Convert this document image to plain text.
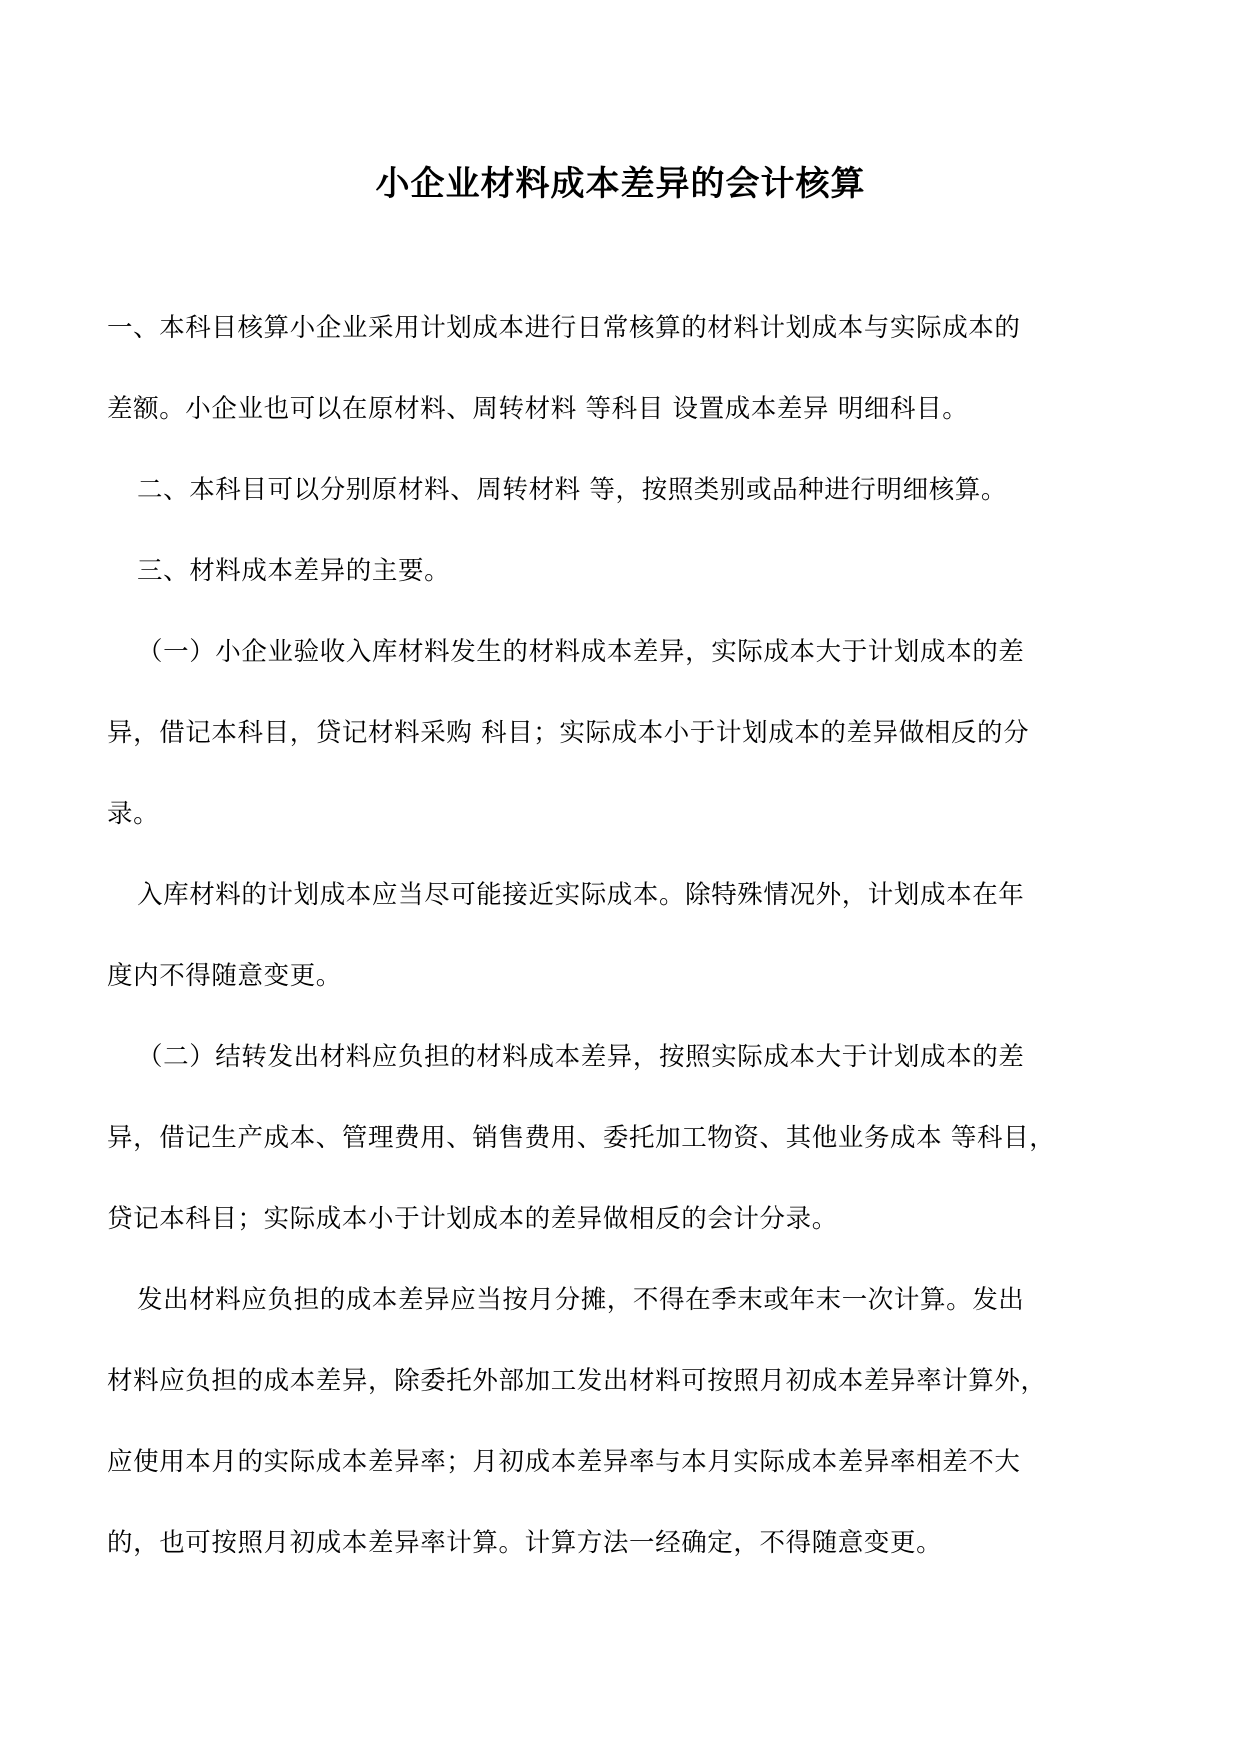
小企业材料成本差异的会计核算
一、本科目核算小企业采用计划成本进行日常核算的材料计划成本与实际成本的
差额。小企业也可以在原材料、周转材料 等科目 设置成本差异 明细科目。
二、本科目可以分别原材料、周转材料 等，按照类别或品种进行明细核算。
三、材料成本差异的主要。
（一）小企业验收入库材料发生的材料成本差异，实际成本大于计划成本的差
异，借记本科目，贷记材料采购 科目；实际成本小于计划成本的差异做相反的分
录。
入库材料的计划成本应当尽可能接近实际成本。除特殊情况外，计划成本在年
度内不得随意变更。
（二）结转发出材料应负担的材料成本差异，按照实际成本大于计划成本的差
异，借记生产成本、管理费用、销售费用、委托加工物资、其他业务成本 等科目，
贷记本科目；实际成本小于计划成本的差异做相反的会计分录。
发出材料应负担的成本差异应当按月分摊，不得在季末或年末一次计算。发出
材料应负担的成本差异，除委托外部加工发出材料可按照月初成本差异率计算外，
应使用本月的实际成本差异率；月初成本差异率与本月实际成本差异率相差不大
的，也可按照月初成本差异率计算。计算方法一经确定，不得随意变更。
